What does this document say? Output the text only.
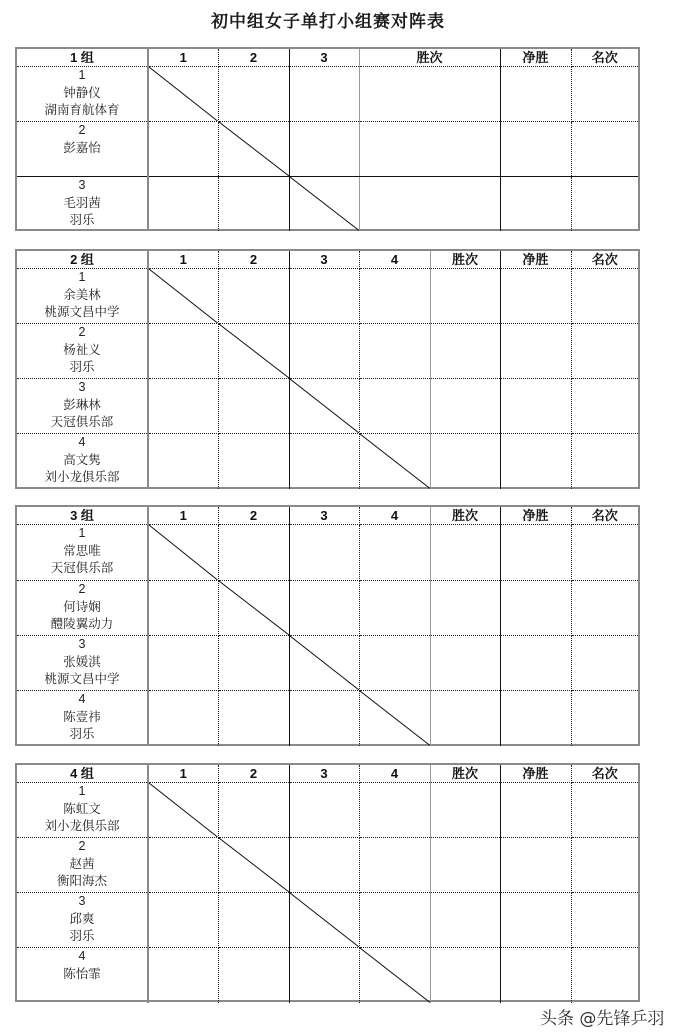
初中组女子单打小组赛对阵表
1 组	1	2	3	胜次	净胜	名次

1
钟静仪
湖南育航体育

2
彭嘉怡

3
毛羽茜
羽乐

2 组	1	2	3	4	胜次	净胜	名次

1
余美林
桃源文昌中学

2
杨祉义
羽乐

3
彭琳林
天冠俱乐部

4
高文隽
刘小龙俱乐部

3 组	1	2	3	4	胜次	净胜	名次

1
常思唯
天冠俱乐部

2
何诗娴
醴陵翼动力

3
张媛淇
桃源文昌中学

4
陈壹祎
羽乐

4 组	1	2	3	4	胜次	净胜	名次

1
陈虹文
刘小龙俱乐部

2
赵茜
衡阳海杰

3
邱爽
羽乐

4
陈怡霏

头条 @先锋乒羽
